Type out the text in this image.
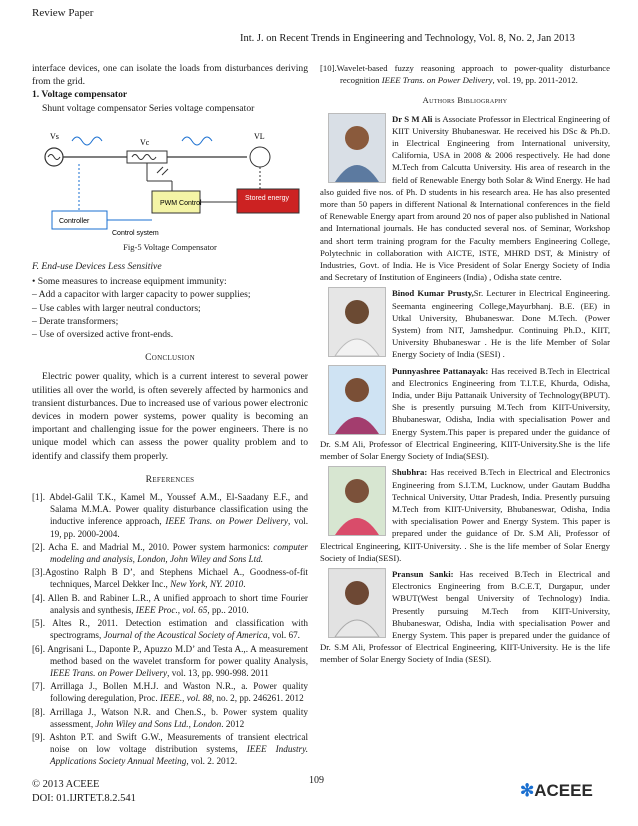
Review Paper
Int. J. on Recent Trends in Engineering and Technology, Vol. 8, No. 2, Jan 2013

interface devices, one can isolate the loads from disturbances deriving from the grid.

1. Voltage compensator

Shunt voltage compensator Series voltage compensator

Vs
Vc
VL
PWM Control
Stored energy
Controller
Control system

Fig-5 Voltage Compensator

F. End-use Devices Less Sensitive

• Some measures to increase equipment immunity:

– Add a capacitor with larger capacity to power supplies;

– Use cables with larger neutral conductors;

– Derate transformers;

– Use of oversized active front-ends.

Conclusion

Electric power quality, which is a current interest to several power utilities all over the world, is often severely affected by harmonics and transient disturbances. Due to increased use of various power electronic devices in modern power systems, power quality is becoming an important and challenging issue for the power engineers. There is no unique model which can assess the power quality problem and to identify and classify them properly.

References

[1]. Abdel-Galil T.K., Kamel M., Youssef A.M., El-Saadany E.F., and Salama M.M.A. Power quality disturbance classification using the inductive inference approach, IEEE Trans. on Power Delivery, vol. 19, pp. 2000-2004.

[2]. Acha E. and Madrial M., 2010. Power system harmonics: computer modeling and analysis, London, John Wiley and Sons Ltd.

[3].Agostino Ralph B D’, and Stephens Michael A., Goodness-of-fit techniques, Marcel Dekker Inc., New York, NY. 2010.

[4]. Allen B. and Rabiner L.R., A unified approach to short time Fourier analysis and synthesis, IEEE Proc., vol. 65, pp.. 2010.

[5]. Altes R., 2011. Detection estimation and classification with spectrograms, Journal of the Acoustical Society of America, vol. 67.

[6]. Angrisani L., Daponte P., Apuzzo M.D’ and Testa A.,. A measurement method based on the wavelet transform for power quality Analysis, IEEE Trans. on Power Delivery, vol. 13, pp. 990-998. 2011

[7]. Arrillaga J., Bollen M.H.J. and Waston N.R., a. Power quality following deregulation, Proc. IEEE., vol. 88, no. 2, pp. 246261. 2012

[8]. Arrillaga J., Watson N.R. and Chen.S., b. Power system quality assessment, John Wiley and Sons Ltd., London. 2012

[9]. Ashton P.T. and Swift G.W., Measurements of transient electrical noise on low voltage distribution systems, IEEE Industry. Applications Society Annual Meeting, vol. 2. 2012.

[10].Wavelet-based fuzzy reasoning approach to power-quality disturbance recognition IEEE Trans. on Power Delivery, vol. 19, pp. 2011-2012.

Authors Bibliography

Dr S M Ali is Associate Professor in Electrical Engineering of KIIT University Bhubaneswar. He received his DSc & Ph.D. in Electrical Engineering from International university, California, USA in 2008 & 2006 respectively. He had done M.Tech from Calcutta University. His area of research in the field of Renewable Energy both Solar & Wind Energy. He had also guided five nos. of Ph. D students in his research area. He has also presented more than 50 papers in different National & International conferences in the field of Renewable Energy apart from around 20 nos of paper also published in National and International journals. He has conducted several nos. of Seminar, Workshop and short term training program for the Faculty members Engineering College, Polytechnic in collaboration with AICTE, ISTE, MHRD DST, & Ministry of Industries, Govt. of India. He is Vice President of Solar Energy Society of India and Secretary of Institution of Engineers (India) , Odisha state centre.

Binod Kumar Prusty,Sr. Lecturer in Electrical Engineering. Seemanta engineering College,Mayurbhanj. B.E. (EE) in Utkal University, Bhubaneswar. Done M.Tech. (Power System) from NIT, Jamshedpur. Continuing Ph.D., KIIT, University Bhubaneswar . He is the life Member of Solar Energy Society of India (SESI) .

Punnyashree Pattanayak: Has received B.Tech in Electrical and Electronics Engineering from T.I.T.E, Khurda, Odisha, India, under Biju Pattanaik University of Technology(BPUT). She is presently pursuing M.Tech from KIIT-University, Bhubaneswar, Odisha, India with specialisation Power and Energy System.This paper is prepared under the guidance of Dr. S.M Ali, Professor of Electrical Engineering, KIIT-University.She is the life member of Solar Energy Society of India(SESI).

Shubhra: Has received B.Tech in Electrical and Electronics Engineering from S.I.T.M, Lucknow, under Gautam Buddha Technical University, Uttar Pradesh, India. Presently pursuing M.Tech from KIIT-University, Bhubaneswar, Odisha, India with specialisation Power and Energy System. This paper is prepared under the guidance of Dr. S.M Ali, Professor of Electrical Engineering, KIIT-University. . She is the life member of Solar Energy Society of India(SESI).

Pransun Sanki: Has received B.Tech in Electrical and Electronics Engineering from B.C.E.T, Durgapur, under WBUT(West bengal University of Technology) India. Presently pursuing M.Tech from KIIT-University, Bhubaneswar, Odisha, India with specialisation Power and Energy System. This paper is prepared under the guidance of Dr. S.M Ali, Professor of Electrical Engineering, KIIT-University. He is the life member of Solar Energy Society of India (SESI).

© 2013 ACEEE
DOI: 01.IJRTET.8.2.541
109
✻ACEEE
